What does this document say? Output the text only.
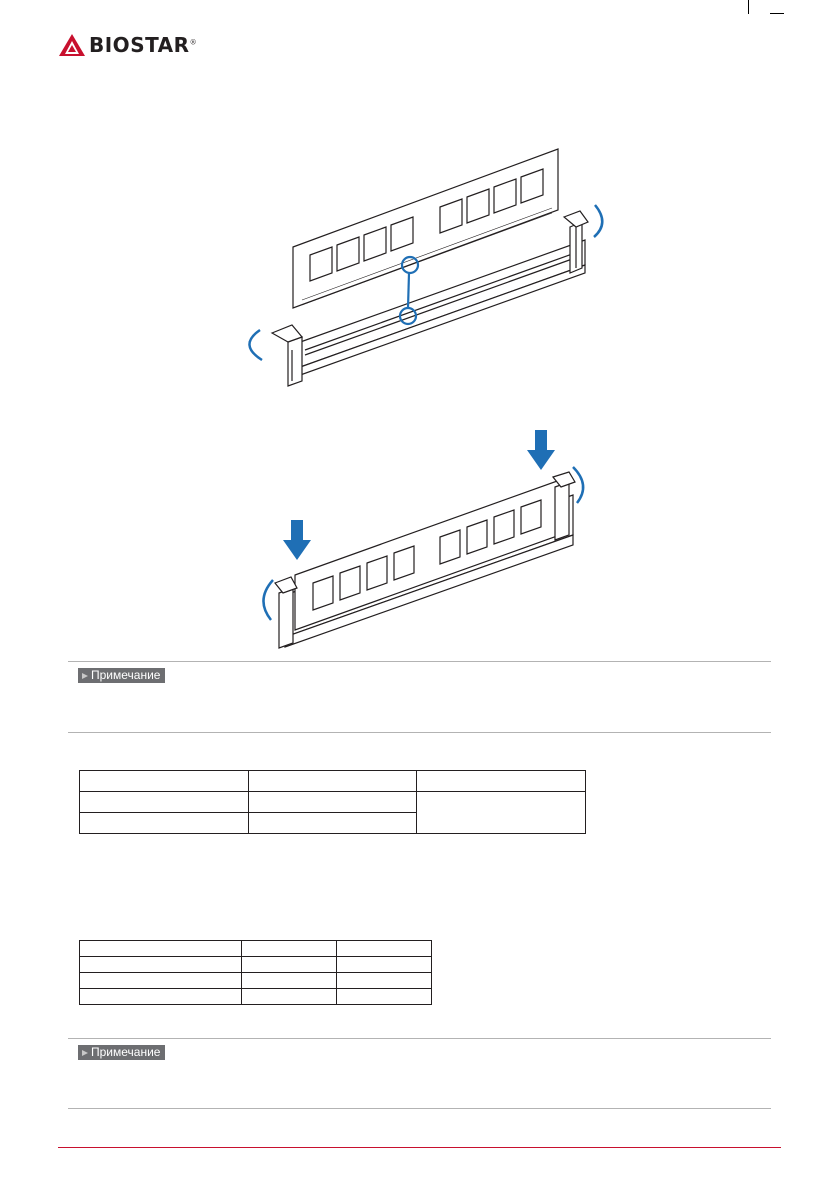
BIOSTAR®
Примечание

Примечание
